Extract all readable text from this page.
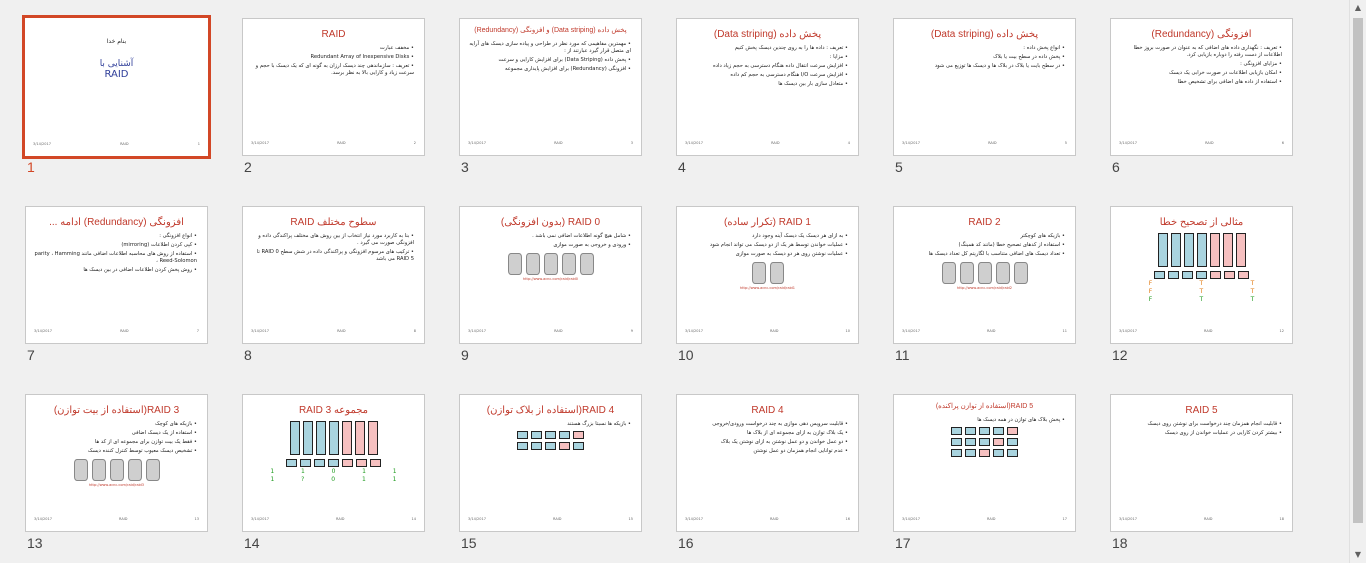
بنام خدا
آشنایی با
RAID
3/14/2017	RAID	1
1
RAID
• مخفف عبارت
• Redundant Array of Inexpensive Disks
• تعریف : سازماندهی چند دیسک ارزان به گونه ای که یک دیسک با حجم و سرعت زیاد و کارایی بالا به نظر برسد.
3/14/2017	RAID	2
2
پخش داده (Data striping) و افزونگی (Redundancy)
• مهمترین مفاهیمی که مورد نظر در طراحی و پیاده سازی دیسک های آرایه ای متصل قرار گیرد عبارتند از :
• پخش داده (Data Striping) برای افزایش کارایی و سرعت
• افزونگی (Redundancy) برای افزایش پایداری مجموعه
3/14/2017	RAID	3
3
پخش داده (Data striping)
• تعریف : داده ها را به روی چندین دیسک پخش کنیم
• مزایا :
• افزایش سرعت انتقال داده هنگام دسترسی به حجم زیاد داده
• افزایش سرعت I/O هنگام دسترسی به حجم کم داده
• متعادل سازی بار بین دیسک ها
3/14/2017	RAID	4
4
پخش داده (Data striping)
• انواع پخش داده :
• پخش داده در سطح بیت یا بلاک
• در سطح بایت یا بلاک در بلاک ها و دیسک ها توزیع می شود
3/14/2017	RAID	5
5
افزونگی (Redundancy)
• تعریف : نگهداری داده های اضافی که به عنوان در صورت بروز خطا اطلاعات از دست رفته را دوباره بازیابی کرد.
• مزایای افزونگی :
• امکان بازیابی اطلاعات در صورت خرابی یک دیسک
• استفاده از داده های اضافی برای تشخیص خطا
3/14/2017	RAID	6
6
افزونگی (Redundancy) ادامه ...
• انواع افزونگی :
• کپی کردن اطلاعات (mirroring)
• استفاده از روش های محاسبه اطلاعات اضافی مانند parity ، Hamming ، Reed-Solomon
• روش پخش کردن اطلاعات اضافی در بین دیسک ها
3/14/2017	RAID	7
7
سطوح مختلف RAID
• بنا به کاربرد مورد نیاز انتخاب از بین روش های مختلف پراکندگی داده و افزونگی صورت می گیرد .
• ترکیب های مرسوم افزونگی و پراکندگی داده در شش سطح RAID 0 تا RAID 5 می باشد
3/14/2017	RAID	8
8
RAID 0 (بدون افزونگی)
• شامل هیچ گونه اطلاعات اضافی نمی باشد .
• ورودی و خروجی به صورت موازی
http://www.acnc.com/raid/raid0
3/14/2017	RAID	9
9
RAID 1 (تکرار ساده)
• به ازای هر دیسک یک دیسک آینه وجود دارد
• عملیات خواندن توسط هر یک از دو دیسک می تواند انجام شود
• عملیات نوشتن روی هر دو دیسک به صورت موازی
http://www.acnc.com/raid/raid1
3/14/2017	RAID	10
10
RAID 2
• بازیکه های کوچکتر
• استفاده از کدهای تصحیح خطا (مانند کد همینگ)
• تعداد دیسک های اضافی متناسب با لگاریتم کل تعداد دیسک ها
http://www.acnc.com/raid/raid2
3/14/2017	RAID	11
11
مثالی از تصحیح خطا
F	T	T
F	T	T
F	T	T
3/14/2017	RAID	12
12
RAID 3(استفاده از بیت توازن)
• بازیکه های کوچک
• استفاده از یک دیسک اضافی
• فقط یک بیت توازن برای مجموعه ای از کد ها
• تشخیص دیسک معیوب توسط کنترل کننده دیسک
http://www.acnc.com/raid/raid3
3/14/2017	RAID	13
13
مجموعه RAID 3
1	1	0	1	1
1	?	0	1	1
3/14/2017	RAID	14
14
RAID 4(استفاده از بلاک توازن)
• بازیکه ها نسبتا بزرگ هستند
3/14/2017	RAID	15
15
RAID 4
• قابلیت سرویس دهی موازی به چند درخواست ورودی/خروجی
• یک بلاک توازن به ازای مجموعه ای از بلاک ها
• دو عمل خواندن و دو عمل نوشتن به ازای نوشتن یک بلاک
• عدم توانایی انجام همزمان دو عمل نوشتن
3/14/2017	RAID	16
16
RAID 5(استفاده از توازن پراکنده)
• پخش بلاک های توازن در همه دیسک ها
3/14/2017	RAID	17
17
RAID 5
• قابلیت انجام همزمان چند درخواست برای نوشتن روی دیسک
• بیشتر کردن کارایی در عملیات خواندن از روی دیسک
3/14/2017	RAID	18
18
▲
▼
